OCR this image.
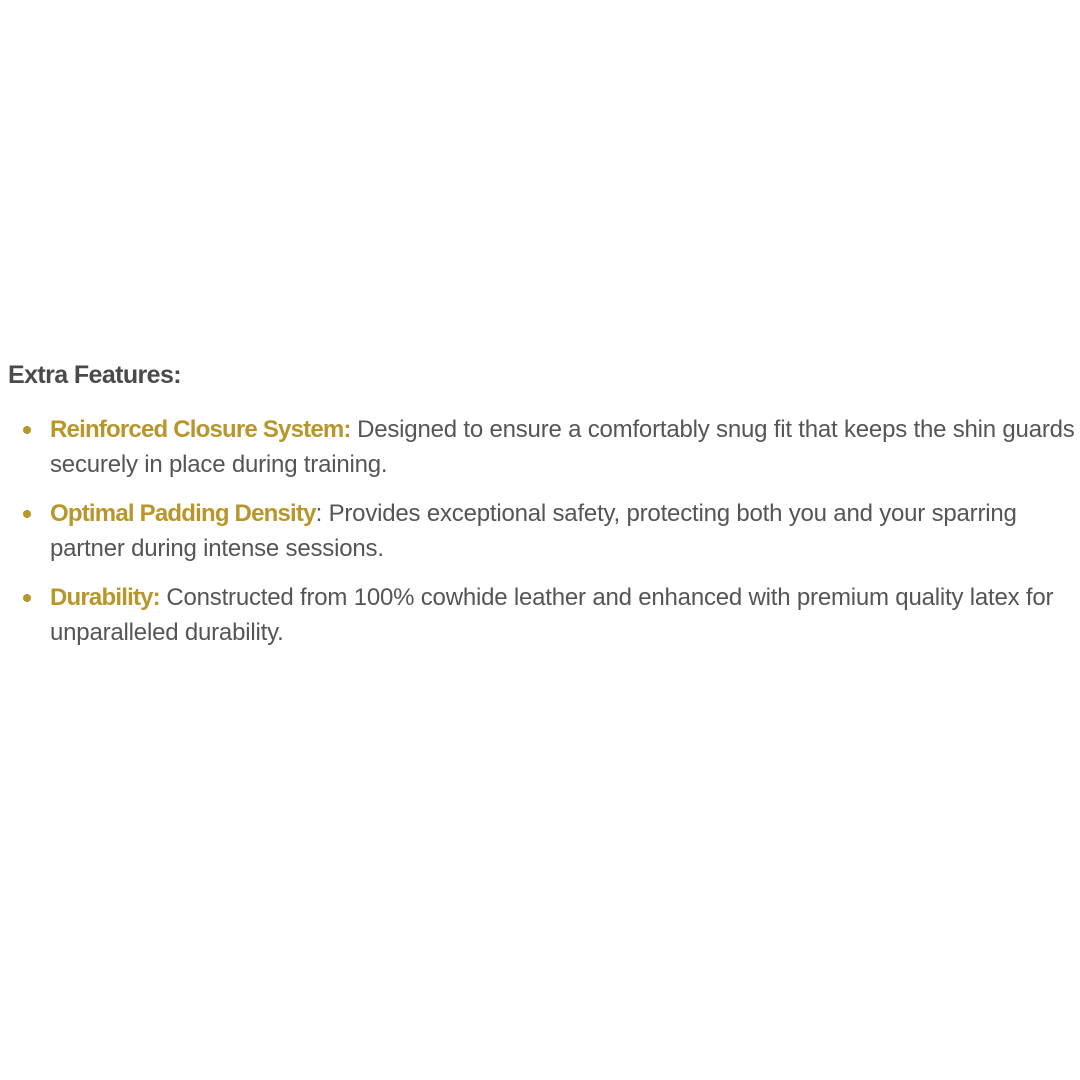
Extra Features:
Reinforced Closure System: Designed to ensure a comfortably snug fit that keeps the shin guards securely in place during training.
Optimal Padding Density: Provides exceptional safety, protecting both you and your sparring partner during intense sessions.
Durability: Constructed from 100% cowhide leather and enhanced with premium quality latex for unparalleled durability.
